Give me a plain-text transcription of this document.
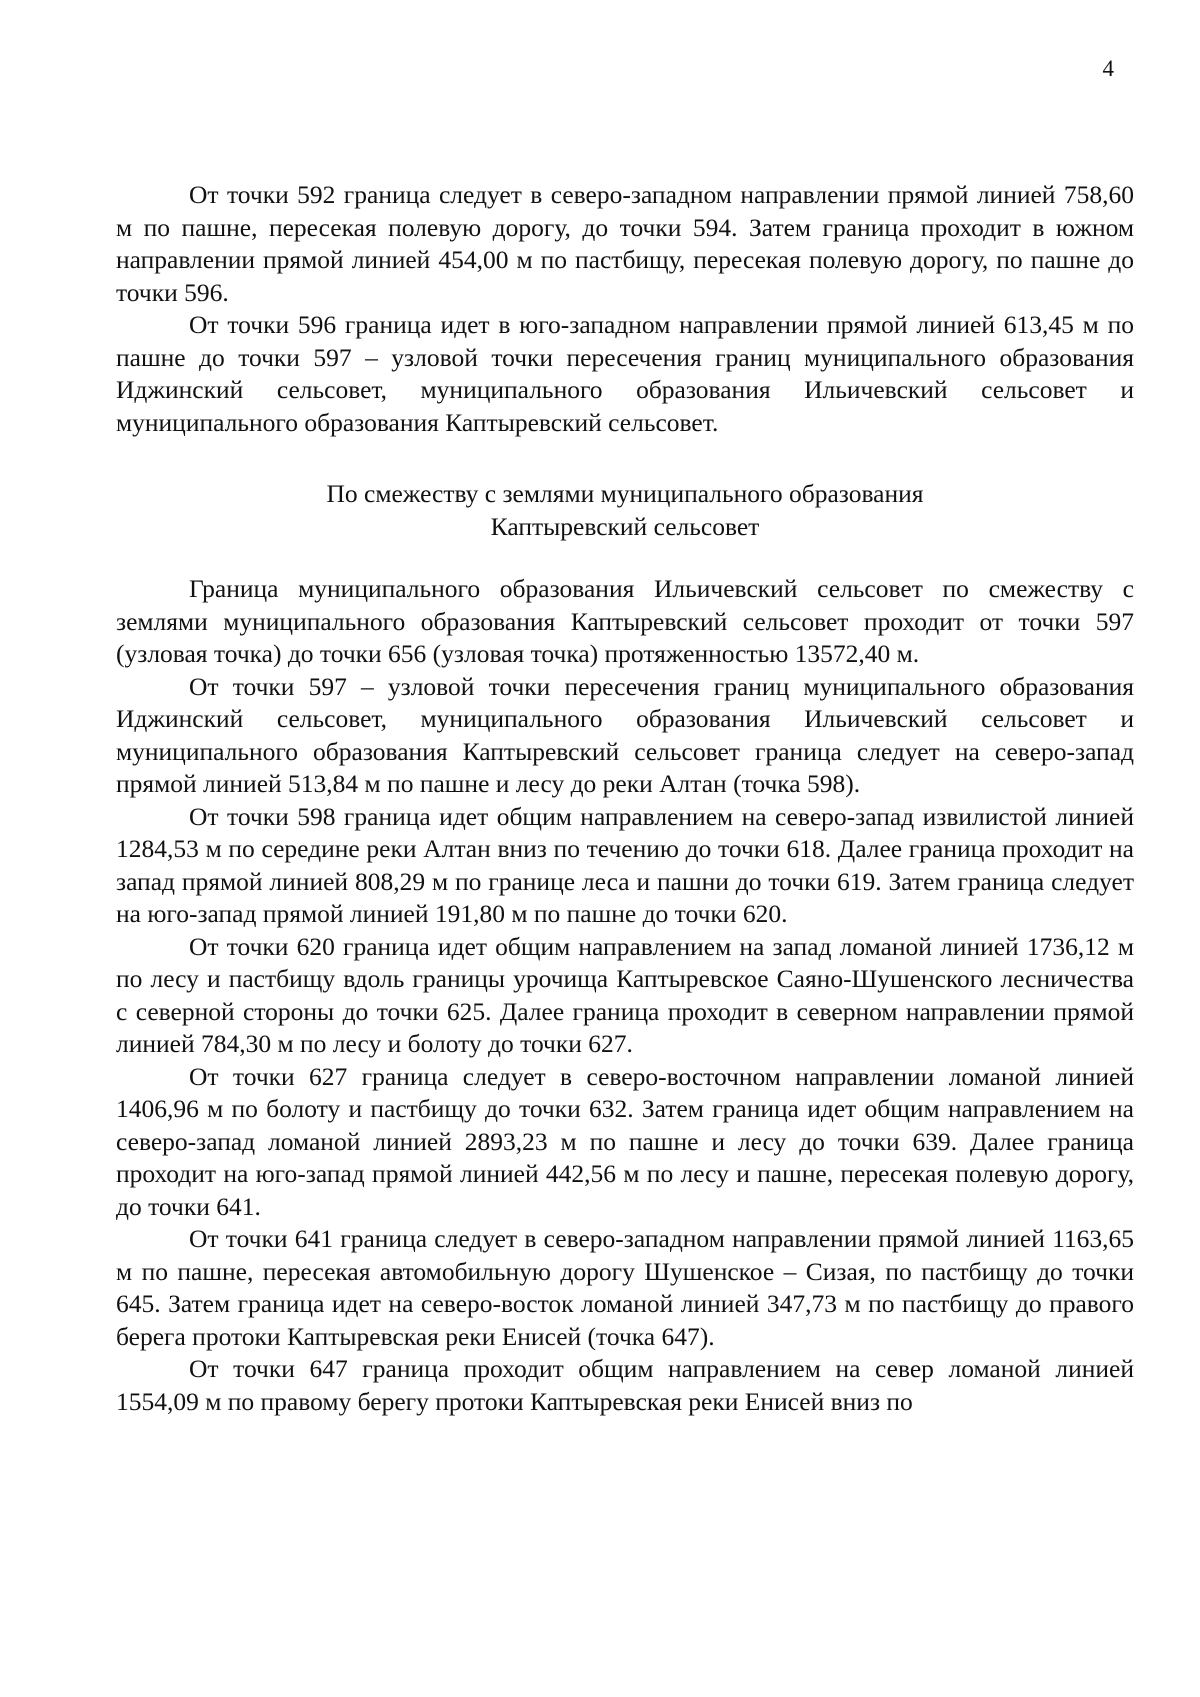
4

От точки 592 граница следует в северо-западном направлении прямой линией 758,60 м по пашне, пересекая полевую дорогу, до точки 594. Затем граница проходит в южном направлении прямой линией 454,00 м по пастбищу, пересекая полевую дорогу, по пашне до точки 596.

От точки 596 граница идет в юго-западном направлении прямой линией 613,45 м по пашне до точки 597 – узловой точки пересечения границ муниципального образования Иджинский сельсовет, муниципального образования Ильичевский сельсовет и муниципального образования Каптыревский сельсовет.

По смежеству с землями муниципального образования
Каптыревский сельсовет

Граница муниципального образования Ильичевский сельсовет по смежеству с землями муниципального образования Каптыревский сельсовет проходит от точки 597 (узловая точка) до точки 656 (узловая точка) протяженностью 13572,40 м.

От точки 597 – узловой точки пересечения границ муниципального образования Иджинский сельсовет, муниципального образования Ильичевский сельсовет и муниципального образования Каптыревский сельсовет граница следует на северо-запад прямой линией 513,84 м по пашне и лесу до реки Алтан (точка 598).

От точки 598 граница идет общим направлением на северо-запад извилистой линией 1284,53 м по середине реки Алтан вниз по течению до точки 618. Далее граница проходит на запад прямой линией 808,29 м по границе леса и пашни до точки 619. Затем граница следует на юго-запад прямой линией 191,80 м по пашне до точки 620.

От точки 620 граница идет общим направлением на запад ломаной линией 1736,12 м по лесу и пастбищу вдоль границы урочища Каптыревское Саяно-Шушенского лесничества с северной стороны до точки 625. Далее граница проходит в северном направлении прямой линией 784,30 м по лесу и болоту до точки 627.

От точки 627 граница следует в северо-восточном направлении ломаной линией 1406,96 м по болоту и пастбищу до точки 632. Затем граница идет общим направлением на северо-запад ломаной линией 2893,23 м по пашне и лесу до точки 639. Далее граница проходит на юго-запад прямой линией 442,56 м по лесу и пашне, пересекая полевую дорогу, до точки 641.

От точки 641 граница следует в северо-западном направлении прямой линией 1163,65 м по пашне, пересекая автомобильную дорогу Шушенское – Сизая, по пастбищу до точки 645. Затем граница идет на северо-восток ломаной линией 347,73 м по пастбищу до правого берега протоки Каптыревская реки Енисей (точка 647).

От точки 647 граница проходит общим направлением на север ломаной линией 1554,09 м по правому берегу протоки Каптыревская реки Енисей вниз по
